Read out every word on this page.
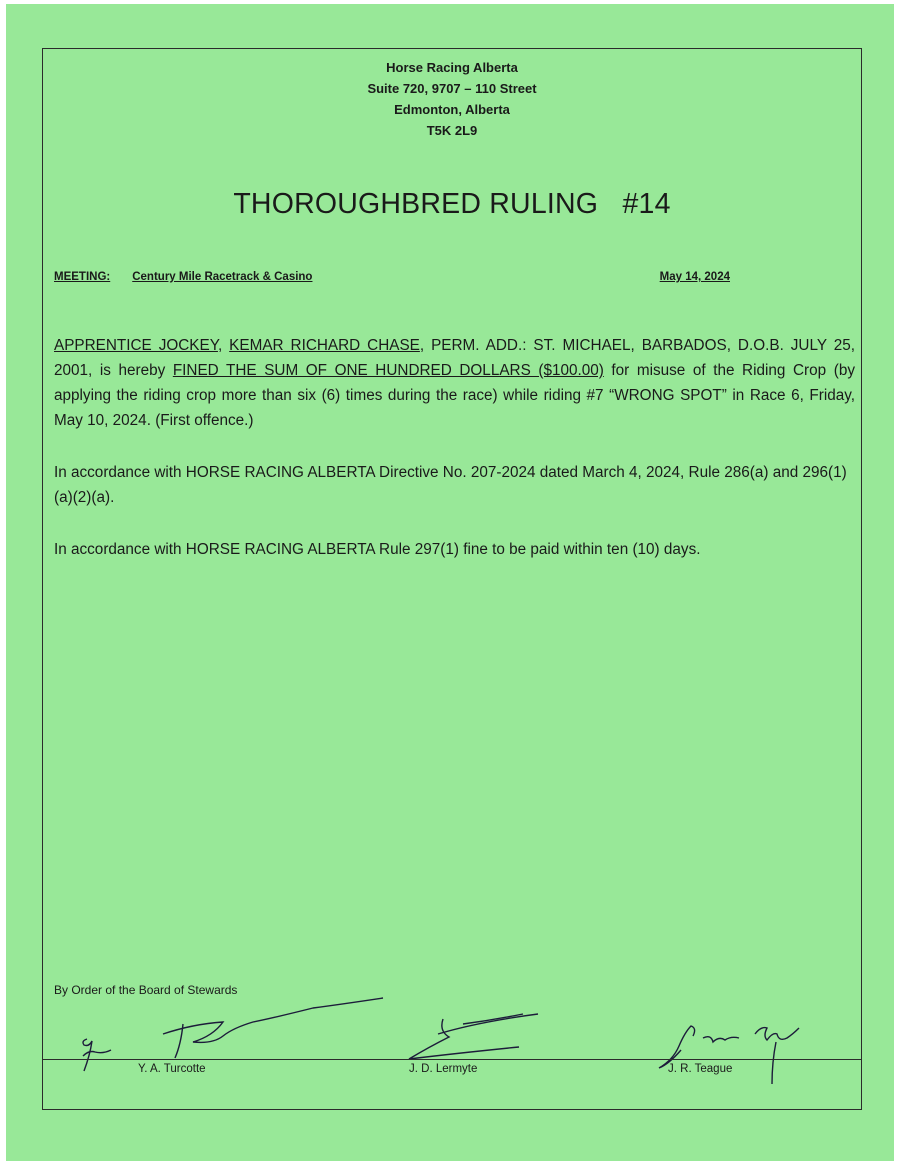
Horse Racing Alberta
Suite 720, 9707 – 110 Street
Edmonton, Alberta
T5K 2L9
THOROUGHBRED RULING   #14
MEETING: Century Mile Racetrack & Casino	May 14, 2024
APPRENTICE JOCKEY, KEMAR RICHARD CHASE, PERM. ADD.: ST. MICHAEL, BARBADOS, D.O.B. JULY 25, 2001, is hereby FINED THE SUM OF ONE HUNDRED DOLLARS ($100.00) for misuse of the Riding Crop (by applying the riding crop more than six (6) times during the race) while riding #7 “WRONG SPOT” in Race 6, Friday, May 10, 2024. (First offence.)
In accordance with HORSE RACING ALBERTA Directive No. 207-2024 dated March 4, 2024, Rule 286(a) and 296(1)(a)(2)(a).
In accordance with HORSE RACING ALBERTA Rule 297(1) fine to be paid within ten (10) days.
By Order of the Board of Stewards
Y. A. Turcotte	J. D. Lermyte	J. R. Teague
